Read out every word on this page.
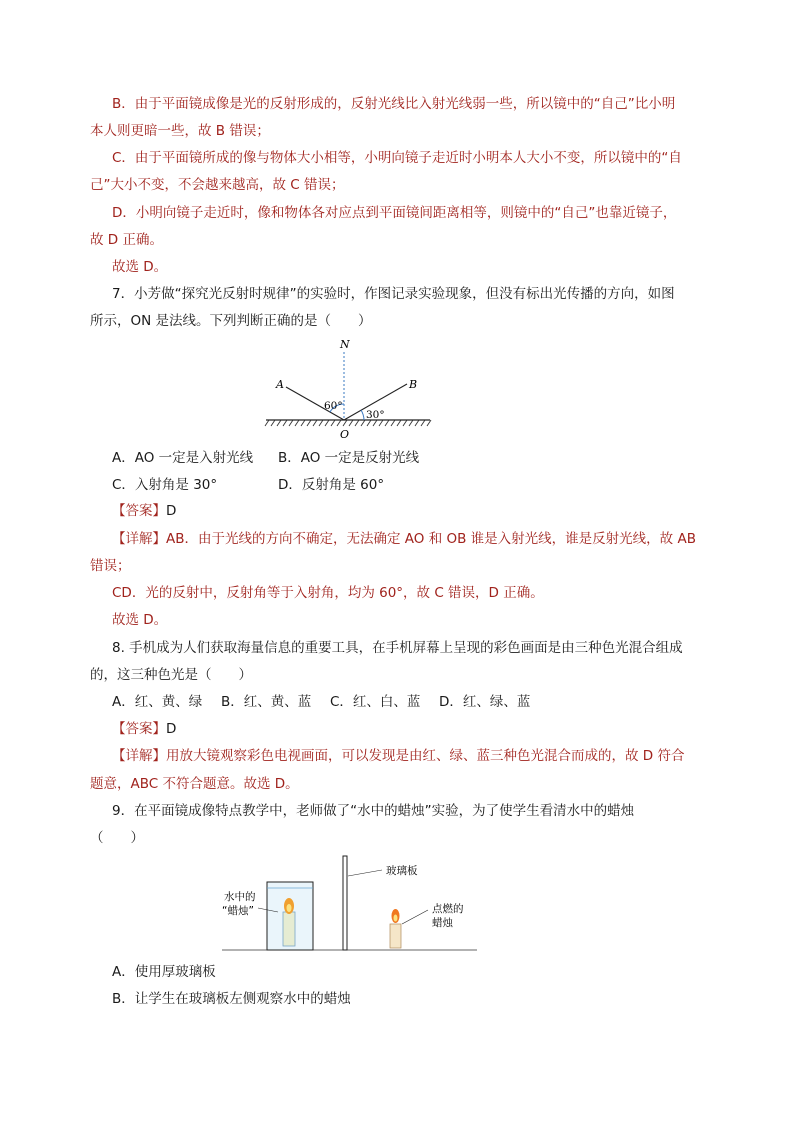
B．由于平面镜成像是光的反射形成的，反射光线比入射光线弱一些，所以镜中的“自己”比小明
本人则更暗一些，故 B 错误；
C．由于平面镜所成的像与物体大小相等，小明向镜子走近时小明本人大小不变，所以镜中的“自
己”大小不变，不会越来越高，故 C 错误；
D．小明向镜子走近时，像和物体各对应点到平面镜间距离相等，则镜中的“自己”也靠近镜子，
故 D 正确。
故选 D。
7．小芳做“探究光反射时规律”的实验时，作图记录实验现象，但没有标出光传播的方向，如图
所示，ON 是法线。下列判断正确的是（　　）
N
A	B
O
60°
30°
A．AO 一定是入射光线 B．AO 一定是反射光线
C．入射角是 30°	D．反射角是 60°
【答案】D
【详解】AB．由于光线的方向不确定，无法确定 AO 和 OB 谁是入射光线，谁是反射光线，故 AB
错误；
CD．光的反射中，反射角等于入射角，均为 60°，故 C 错误，D 正确。
故选 D。
8. 手机成为人们获取海量信息的重要工具，在手机屏幕上呈现的彩色画面是由三种色光混合组成
的，这三种色光是（　　）
A．红、黄、绿 B．红、黄、蓝 C．红、白、蓝 D．红、绿、蓝
【答案】D
【详解】用放大镜观察彩色电视画面，可以发现是由红、绿、蓝三种色光混合而成的，故 D 符合
题意，ABC 不符合题意。故选 D。
9．在平面镜成像特点教学中，老师做了“水中的蜡烛”实验，为了使学生看清水中的蜡烛
（　　）
水中的
“蜡烛”
玻璃板
点燃的
蜡烛
A．使用厚玻璃板
B．让学生在玻璃板左侧观察水中的蜡烛
